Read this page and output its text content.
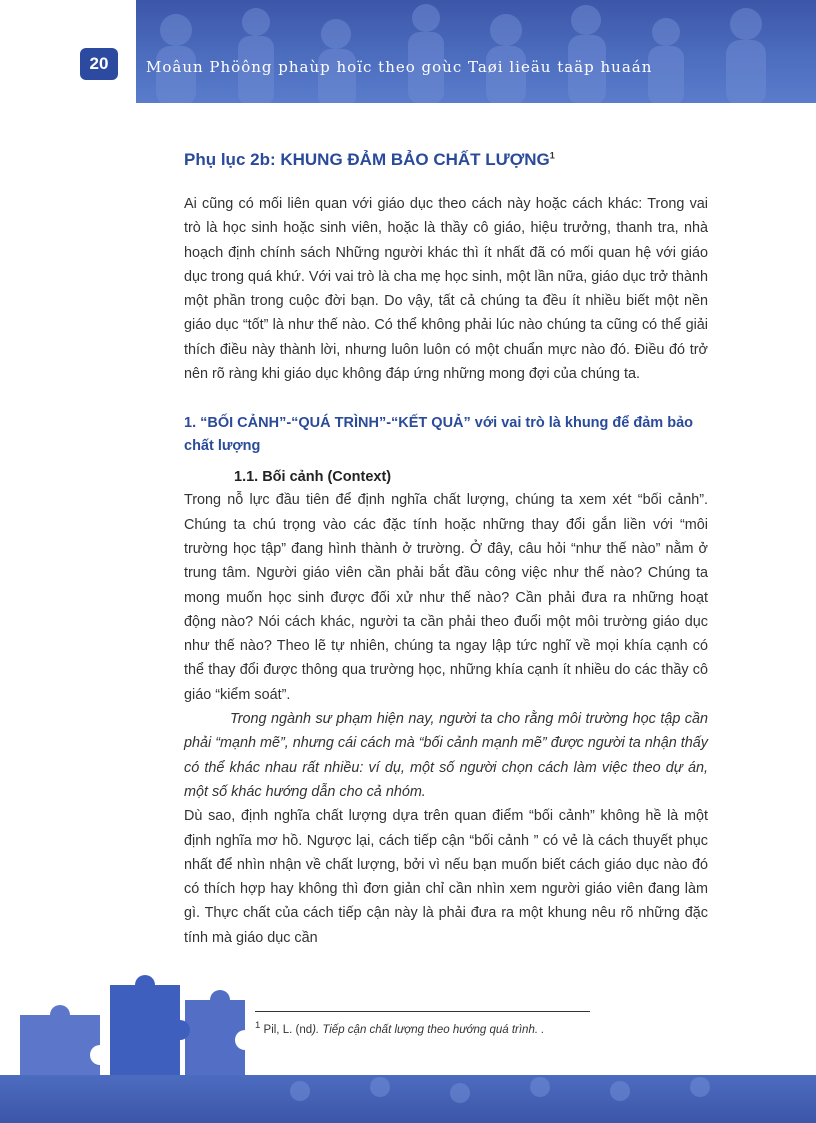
20	Moâun Phöông phaùp hoïc theo goùc Taøi lieäu taäp huaán
Phụ lục 2b: KHUNG ĐẢM BẢO CHẤT LƯỢNG$^1$

Ai cũng có mối liên quan với giáo dục theo cách này hoặc cách khác: Trong vai trò là học sinh hoặc sinh viên, hoặc là thầy cô giáo, hiệu trưởng, thanh tra, nhà hoạch định chính sách Những người khác thì ít nhất đã có mối quan hệ với giáo dục trong quá khứ. Với vai trò là cha mẹ học sinh, một lần nữa, giáo dục trở thành một phần trong cuộc đời bạn. Do vậy, tất cả chúng ta đều ít nhiều biết một nền giáo dục “tốt” là như thế nào. Có thể không phải lúc nào chúng ta cũng có thể giải thích điều này thành lời, nhưng luôn luôn có một chuẩn mực nào đó. Điều đó trở nên rõ ràng khi giáo dục không đáp ứng những mong đợi của chúng ta.

1. “BỐI CẢNH”-“QUÁ TRÌNH”-“KẾT QUẢ” với vai trò là khung để đảm bảo chất lượng
1.1. Bối cảnh (Context)

Trong nỗ lực đầu tiên để định nghĩa chất lượng, chúng ta xem xét “bối cảnh”. Chúng ta chú trọng vào các đặc tính hoặc những thay đổi gắn liền với “môi trường học tập” đang hình thành ở trường. Ở đây, câu hỏi “như thế nào” nằm ở trung tâm. Người giáo viên cần phải bắt đầu công việc như thế nào? Chúng ta mong muốn học sinh được đối xử như thế nào? Cần phải đưa ra những hoạt động nào? Nói cách khác, người ta cần phải theo đuổi một môi trường giáo dục như thế nào? Theo lẽ tự nhiên, chúng ta ngay lập tức nghĩ về mọi khía cạnh có thể thay đổi được thông qua trường học, những khía cạnh ít nhiều do các thầy cô giáo “kiểm soát”.

Trong ngành sư phạm hiện nay, người ta cho rằng môi trường học tập cần phải “mạnh mẽ”, nhưng cái cách mà “bối cảnh mạnh mẽ” được người ta nhận thấy có thể khác nhau rất nhiều: ví dụ, một số người chọn cách làm việc theo dự án, một số khác hướng dẫn cho cả nhóm.

Dù sao, định nghĩa chất lượng dựa trên quan điểm “bối cảnh” không hề là một định nghĩa mơ hồ. Ngược lại, cách tiếp cận “bối cảnh ” có vẻ là cách thuyết phục nhất để nhìn nhận về chất lượng, bởi vì nếu bạn muốn biết cách giáo dục nào đó có thích hợp hay không thì đơn giản chỉ cần nhìn xem người giáo viên đang làm gì. Thực chất của cách tiếp cận này là phải đưa ra một khung nêu rõ những đặc tính mà giáo dục cần

$^1$ Pil, L. (nd). Tiếp cận chất lượng theo hướng quá trình. .
